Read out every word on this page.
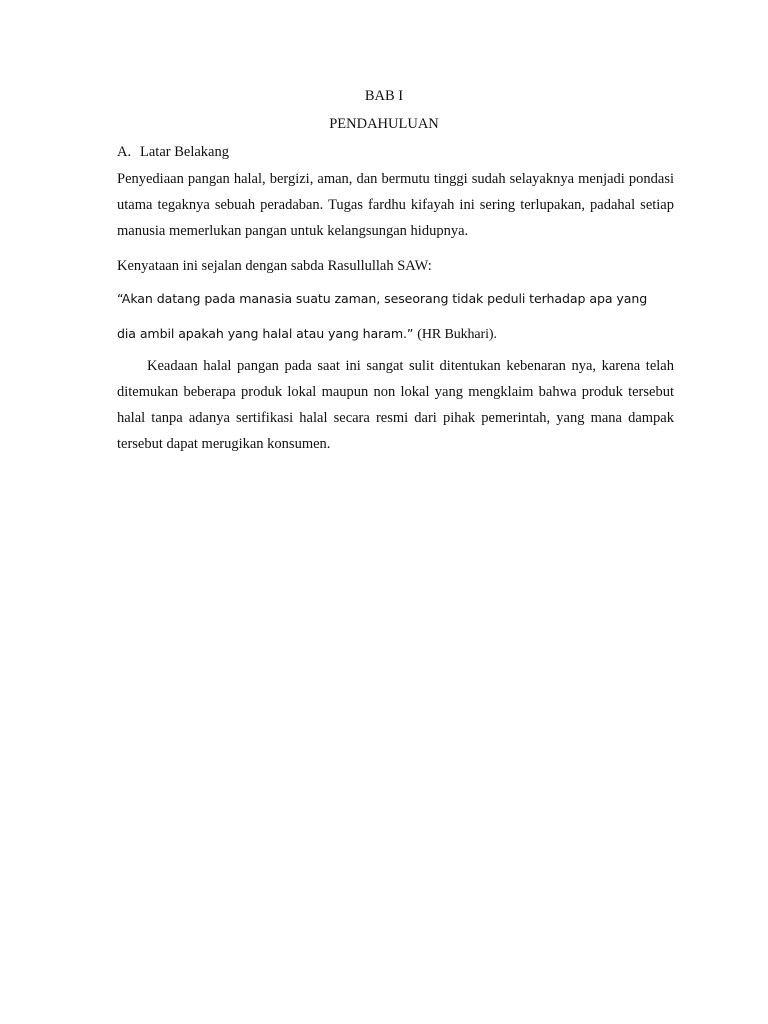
BAB I
PENDAHULUAN
A. Latar Belakang

Penyediaan pangan halal, bergizi, aman, dan bermutu tinggi sudah selayaknya menjadi pondasi utama tegaknya sebuah peradaban. Tugas fardhu kifayah ini sering terlupakan, padahal setiap manusia memerlukan pangan untuk kelangsungan hidupnya.

Kenyataan ini sejalan dengan sabda Rasullullah SAW:

“Akan datang pada manasia suatu zaman, seseorang tidak peduli terhadap apa yang
dia ambil apakah yang halal atau yang haram.” (HR Bukhari).

Keadaan halal pangan pada saat ini sangat sulit ditentukan kebenaran nya, karena telah ditemukan beberapa produk lokal maupun non lokal yang mengklaim bahwa produk tersebut halal tanpa adanya sertifikasi halal secara resmi dari pihak pemerintah, yang mana dampak tersebut dapat merugikan konsumen.
